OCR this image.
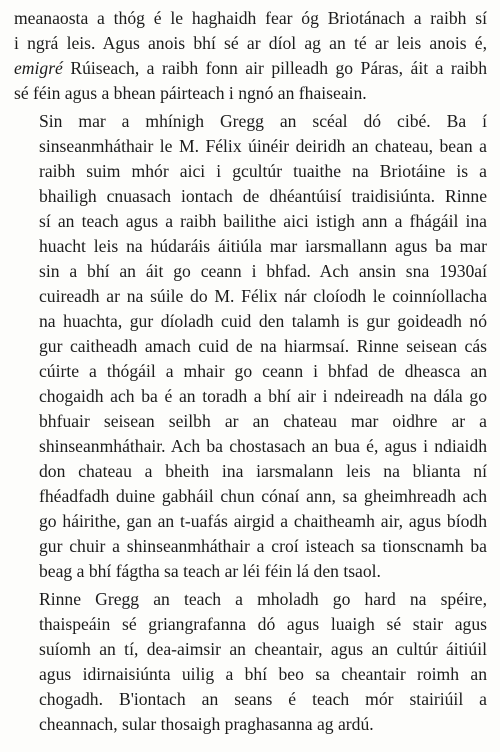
meanaosta a thóg é le haghaidh fear óg Briotánach a raibh sí
i ngrá leis. Agus anois bhí sé ar díol ag an té ar leis anois é,
emigré Rúiseach, a raibh fonn air pilleadh go Páras, áit a raibh
sé féin agus a bhean páirteach i ngnó an fhaiseain.
Sin mar a mhínigh Gregg an scéal dó cibé. Ba í
sinseanmháthair le M. Félix úinéir deiridh an chateau, bean a
raibh suim mhór aici i gcultúr tuaithe na Briotáine is a
bhailigh cnuasach iontach de dhéantúisí traidisiúnta. Rinne
sí an teach agus a raibh bailithe aici istigh ann a fhágáil ina
huacht leis na húdaráis áitiúla mar iarsmallann agus ba mar
sin a bhí an áit go ceann i bhfad. Ach ansin sna 1930aí
cuireadh ar na súile do M. Félix nár cloíodh le coinníollacha
na huachta, gur díoladh cuid den talamh is gur goideadh nó
gur caitheadh amach cuid de na hiarmsaí. Rinne seisean cás
cúirte a thógáil a mhair go ceann i bhfad de dheasca an
chogaidh ach ba é an toradh a bhí air i ndeireadh na dála go
bhfuair seisean seilbh ar an chateau mar oidhre ar a
shinseanmháthair. Ach ba chostasach an bua é, agus i ndiaidh
don chateau a bheith ina iarsmalann leis na blianta ní
fhéadfadh duine gabháil chun cónaí ann, sa gheimhreadh ach
go háirithe, gan an t-uafás airgid a chaitheamh air, agus bíodh
gur chuir a shinseanmháthair a croí isteach sa tionscnamh ba
beag a bhí fágtha sa teach ar léi féin lá den tsaol.
Rinne Gregg an teach a mholadh go hard na spéire,
thaispeáin sé griangrafanna dó agus luaigh sé stair agus
suíomh an tí, dea-aimsir an cheantair, agus an cultúr áitiúil
agus idirnaisiúnta uilig a bhí beo sa cheantair roimh an
chogadh. B'iontach an seans é teach mór stairiúil a
cheannach, sular thosaigh praghasanna ag ardú.
